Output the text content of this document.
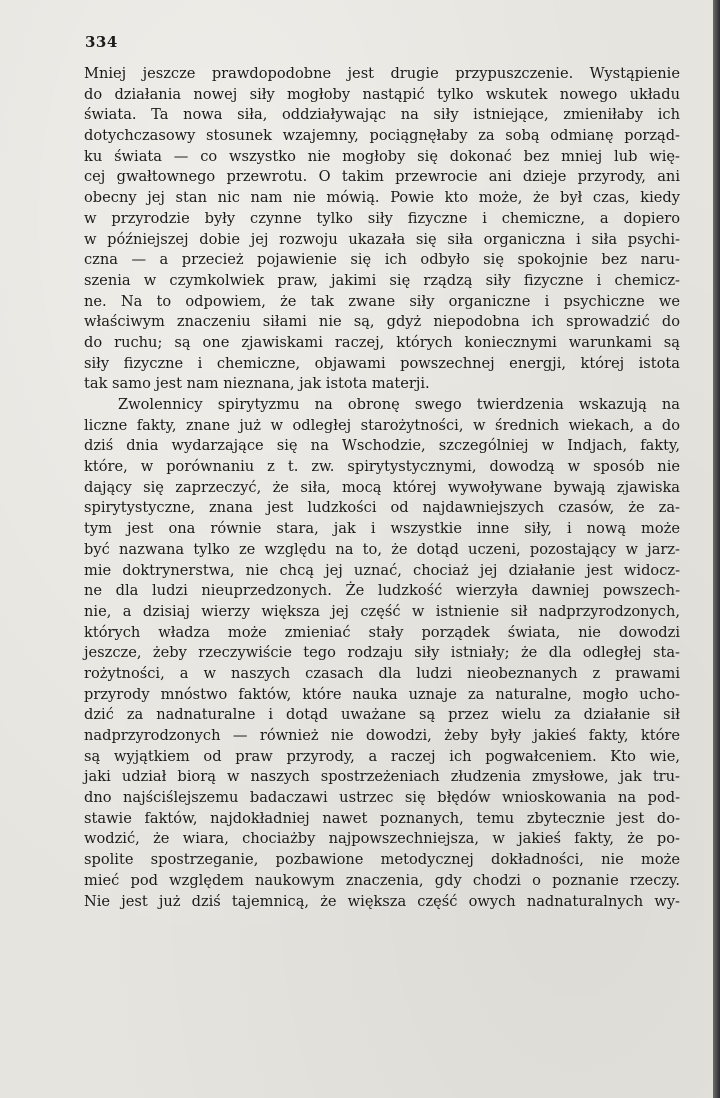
334
Mniej jeszcze prawdopodobne jest drugie przypuszczenie. Wystąpienie
do działania nowej siły mogłoby nastąpić tylko wskutek nowego układu
świata. Ta nowa siła, oddziaływając na siły istniejące, zmieniłaby ich
dotychczasowy stosunek wzajemny, pociągnęłaby za sobą odmianę porząd-
ku świata — co wszystko nie mogłoby się dokonać bez mniej lub wię-
cej gwałtownego przewrotu. O takim przewrocie ani dzieje przyrody, ani
obecny jej stan nic nam nie mówią. Powie kto może, że był czas, kiedy
w przyrodzie były czynne tylko siły fizyczne i chemiczne, a dopiero
w późniejszej dobie jej rozwoju ukazała się siła organiczna i siła psychi-
czna — a przecież pojawienie się ich odbyło się spokojnie bez naru-
szenia w czymkolwiek praw, jakimi się rządzą siły fizyczne i chemicz-
ne. Na to odpowiem, że tak zwane siły organiczne i psychiczne we
właściwym znaczeniu siłami nie są, gdyż niepodobna ich sprowadzić do
do ruchu; są one zjawiskami raczej, których koniecznymi warunkami są
siły fizyczne i chemiczne, objawami powszechnej energji, której istota
tak samo jest nam nieznana, jak istota materji.
Zwolennicy spirytyzmu na obronę swego twierdzenia wskazują na
liczne fakty, znane już w odległej starożytności, w średnich wiekach, a do
dziś dnia wydarzające się na Wschodzie, szczególniej w Indjach, fakty,
które, w porównaniu z t. zw. spirytystycznymi, dowodzą w sposób nie
dający się zaprzeczyć, że siła, mocą której wywoływane bywają zjawiska
spirytystyczne, znana jest ludzkości od najdawniejszych czasów, że za-
tym jest ona równie stara, jak i wszystkie inne siły, i nową może
być nazwana tylko ze względu na to, że dotąd uczeni, pozostający w jarz-
mie doktrynerstwa, nie chcą jej uznać, chociaż jej działanie jest widocz-
ne dla ludzi nieuprzedzonych. Że ludzkość wierzyła dawniej powszech-
nie, a dzisiaj wierzy większa jej część w istnienie sił nadprzyrodzonych,
których władza może zmieniać stały porządek świata, nie dowodzi
jeszcze, żeby rzeczywiście tego rodzaju siły istniały; że dla odległej sta-
rożytności, a w naszych czasach dla ludzi nieobeznanych z prawami
przyrody mnóstwo faktów, które nauka uznaje za naturalne, mogło ucho-
dzić za nadnaturalne i dotąd uważane są przez wielu za działanie sił
nadprzyrodzonych — również nie dowodzi, żeby były jakieś fakty, które
są wyjątkiem od praw przyrody, a raczej ich pogwałceniem. Kto wie,
jaki udział biorą w naszych spostrzeżeniach złudzenia zmysłowe, jak tru-
dno najściślejszemu badaczawi ustrzec się błędów wnioskowania na pod-
stawie faktów, najdokładniej nawet poznanych, temu zbytecznie jest do-
wodzić, że wiara, chociażby najpowszechniejsza, w jakieś fakty, że po-
spolite spostrzeganie, pozbawione metodycznej dokładności, nie może
mieć pod względem naukowym znaczenia, gdy chodzi o poznanie rzeczy.
Nie jest już dziś tajemnicą, że większa część owych nadnaturalnych wy-
